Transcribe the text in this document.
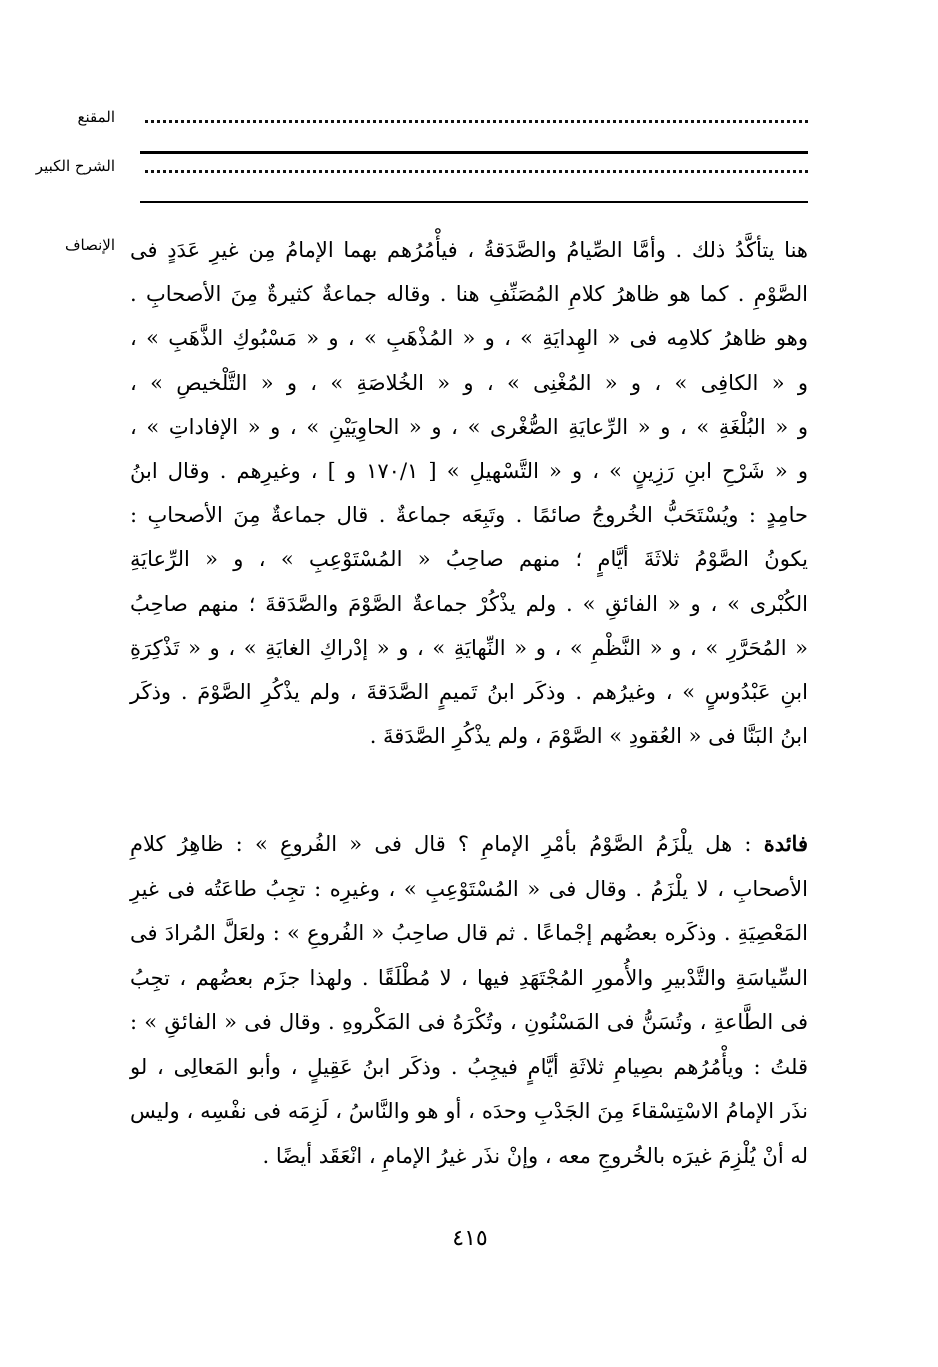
المقنع
الشرح الكبير
الإنصاف هنا يتأكَّدُ ذلك . وأمَّا الصِّيامُ والصَّدَقةُ ، فيأْمُرُهم بهما الإمامُ مِن غيرِ عَدَدٍ فى
الصَّوْمِ . كما هو ظاهرُ كلامِ المُصَنِّفِ هنا . وقاله جماعةٌ كثيرةٌ مِنَ الأصحابِ .
وهو ظاهرُ كلامِه فى « الهِدايَةِ » ، و « المُذْهَبِ » ، و « مَسْبُوكِ الذَّهَبِ » ،
و « الكافِى » ، و « المُغْنِى » ، و « الخُلاصَةِ » ، و « التَّلْخيصِ » ،
و « البُلْغَةِ » ، و « الرِّعايَةِ الصُّغْرى » ، و « الحاوِيَيْنِ » ، و « الإفاداتِ » ،
و « شَرْحِ ابنِ رَزِينٍ » ، و « التَّسْهيلِ » [ ١٧٠/١ و ] ، وغيرِهم . وقال ابنُ
حامِدٍ : ويُسْتَحَبُّ الخُروجُ صائمًا . وتَبِعَه جماعةٌ . قال جماعةٌ مِنَ الأصحابِ :
يكونُ الصَّوْمُ ثلاثَةَ أيَّامٍ ؛ منهم صاحِبُ « المُسْتَوْعِبِ » ، و « الرِّعايَةِ
الكُبْرى » ، و « الفائقِ » . ولم يذْكُرْ جماعةٌ الصَّوْمَ والصَّدَقةَ ؛ منهم صاحِبُ
« المُحَرَّرِ » ، و « النَّظْمِ » ، و « النِّهايَةِ » ، و « إدْراكِ الغايَةِ » ، و « تَذْكِرَةِ
ابنِ عَبْدُوسٍ » ، وغيرُهم . وذكَر ابنُ تَميمٍ الصَّدَقةَ ، ولم يذْكُرِ الصَّوْمَ . وذكَر
ابنُ البَنَّا فى « العُقودِ » الصَّوْمَ ، ولم يذْكُرِ الصَّدَقةَ .
فائدة : هل يلْزَمُ الصَّوْمُ بأمْرِ الإمامِ ؟ قال فى « الفُروعِ » : ظاهِرُ كلامِ
الأصحابِ ، لا يلْزَمُ . وقال فى « المُسْتَوْعِبِ » ، وغيرِه : تجِبُ طاعَتُه فى غيرِ
المَعْصِيَةِ . وذكَره بعضُهم إجْماعًا . ثم قال صاحِبُ « الفُروعِ » : ولعَلَّ المُرادَ فى
السِّياسَةِ والتَّدْبيرِ والأُمورِ المُجْتَهَدِ فيها ، لا مُطْلَقًا . ولهذا جزَم بعضُهم ، تجِبُ
فى الطَّاعةِ ، وتُسَنُّ فى المَسْنُونِ ، وتُكْرَهُ فى المَكْروهِ . وقال فى « الفائقِ » :
قلتُ : ويأْمُرُهم بصِيامِ ثلاثَةِ أيَّامٍ فيجِبُ . وذكَر ابنُ عَقِيلٍ ، وأبو المَعالِى ، لو
نذَر الإمامُ الاسْتِسْقاءَ مِنَ الجَدْبِ وحدَه ، أو هو والنَّاسُ ، لَزِمَه فى نفْسِه ، وليس
له أنْ يُلْزِمَ غيرَه بالخُروجِ معه ، وإنْ نذَر غيرُ الإمامِ ، انْعَقَد أيضًا .
٤١٥
